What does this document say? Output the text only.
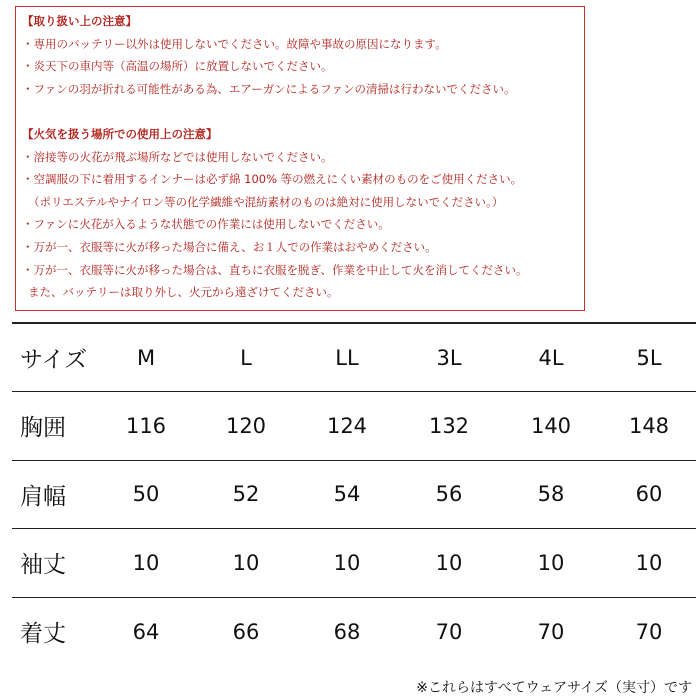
【取り扱い上の注意】
・専用のバッテリー以外は使用しないでください。故障や事故の原因になります。
・炎天下の車内等（高温の場所）に放置しないでください。
・ファンの羽が折れる可能性がある為、エアーガンによるファンの清掃は行わないでください。
【火気を扱う場所での使用上の注意】
・溶接等の火花が飛ぶ場所などでは使用しないでください。
・空調服の下に着用するインナーは必ず綿 100% 等の燃えにくい素材のものをご使用ください。
（ポリエステルやナイロン等の化学繊維や混紡素材のものは絶対に使用しないでください。）
・ファンに火花が入るような状態での作業には使用しないでください。
・万が一、衣服等に火が移った場合に備え、お１人での作業はおやめください。
・万が一、衣服等に火が移った場合は、直ちに衣服を脱ぎ、作業を中止して火を消してください。
また、バッテリーは取り外し、火元から遠ざけてください。
サイズ	M	L	LL	3L	4L	5L
胸囲	116	120	124	132	140	148
肩幅	50	52	54	56	58	60
袖丈	10	10	10	10	10	10
着丈	64	66	68	70	70	70
※これらはすべてウェアサイズ（実寸）です
